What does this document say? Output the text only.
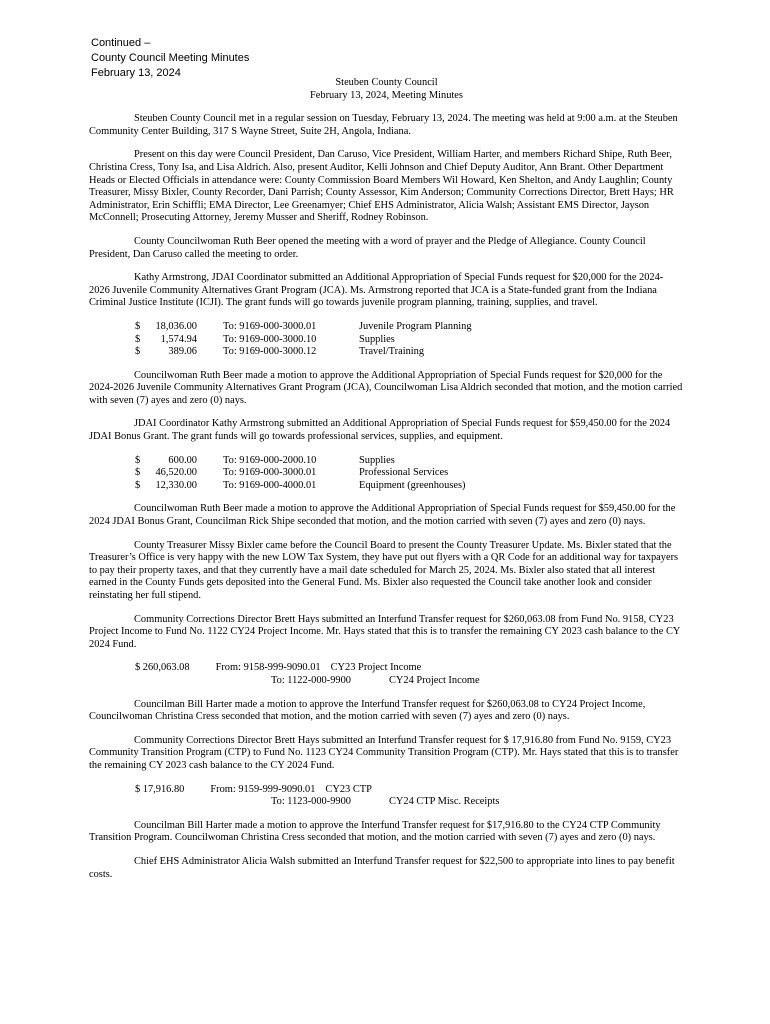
Continued –
County Council Meeting Minutes
February 13, 2024
Steuben County Council
February 13, 2024, Meeting Minutes
Steuben County Council met in a regular session on Tuesday, February 13, 2024. The meeting was held at 9:00 a.m. at the Steuben Community Center Building, 317 S Wayne Street, Suite 2H, Angola, Indiana.
Present on this day were Council President, Dan Caruso, Vice President, William Harter, and members Richard Shipe, Ruth Beer, Christina Cress, Tony Isa, and Lisa Aldrich. Also, present Auditor, Kelli Johnson and Chief Deputy Auditor, Ann Brant. Other Department Heads or Elected Officials in attendance were: County Commission Board Members Wil Howard, Ken Shelton, and Andy Laughlin; County Treasurer, Missy Bixler, County Recorder, Dani Parrish; County Assessor, Kim Anderson; Community Corrections Director, Brett Hays; HR Administrator, Erin Schiffli; EMA Director, Lee Greenamyer; Chief EHS Administrator, Alicia Walsh; Assistant EMS Director, Jayson McConnell; Prosecuting Attorney, Jeremy Musser and Sheriff, Rodney Robinson.
County Councilwoman Ruth Beer opened the meeting with a word of prayer and the Pledge of Allegiance. County Council President, Dan Caruso called the meeting to order.
Kathy Armstrong, JDAI Coordinator submitted an Additional Appropriation of Special Funds request for $20,000 for the 2024-2026 Juvenile Community Alternatives Grant Program (JCA). Ms. Armstrong reported that JCA is a State-funded grant from the Indiana Criminal Justice Institute (ICJI). The grant funds will go towards juvenile program planning, training, supplies, and travel.
$	18,036.00	To: 9169-000-3000.01	Juvenile Program Planning
$	1,574.94	To: 9169-000-3000.10	Supplies
$	389.06	To: 9169-000-3000.12	Travel/Training
Councilwoman Ruth Beer made a motion to approve the Additional Appropriation of Special Funds request for $20,000 for the 2024-2026 Juvenile Community Alternatives Grant Program (JCA), Councilwoman Lisa Aldrich seconded that motion, and the motion carried with seven (7) ayes and zero (0) nays.
JDAI Coordinator Kathy Armstrong submitted an Additional Appropriation of Special Funds request for $59,450.00 for the 2024 JDAI Bonus Grant. The grant funds will go towards professional services, supplies, and equipment.
$	600.00	To: 9169-000-2000.10	Supplies
$	46,520.00	To: 9169-000-3000.01	Professional Services
$	12,330.00	To: 9169-000-4000.01	Equipment (greenhouses)
Councilwoman Ruth Beer made a motion to approve the Additional Appropriation of Special Funds request for $59,450.00 for the 2024 JDAI Bonus Grant, Councilman Rick Shipe seconded that motion, and the motion carried with seven (7) ayes and zero (0) nays.
County Treasurer Missy Bixler came before the Council Board to present the County Treasurer Update. Ms. Bixler stated that the Treasurer’s Office is very happy with the new LOW Tax System, they have put out flyers with a QR Code for an additional way for taxpayers to pay their property taxes, and that they currently have a mail date scheduled for March 25, 2024. Ms. Bixler also stated that all interest earned in the County Funds gets deposited into the General Fund. Ms. Bixler also requested the Council take another look and consider reinstating her full stipend.
Community Corrections Director Brett Hays submitted an Interfund Transfer request for $260,063.08 from Fund No. 9158, CY23 Project Income to Fund No. 1122 CY24 Project Income. Mr. Hays stated that this is to transfer the remaining CY 2023 cash balance to the CY 2024 Fund.
$ 260,063.08	From: 9158-999-9090.01 CY23 Project Income
To: 1122-000-9900	CY24 Project Income
Councilman Bill Harter made a motion to approve the Interfund Transfer request for $260,063.08 to CY24 Project Income, Councilwoman Christina Cress seconded that motion, and the motion carried with seven (7) ayes and zero (0) nays.
Community Corrections Director Brett Hays submitted an Interfund Transfer request for $ 17,916.80 from Fund No. 9159, CY23 Community Transition Program (CTP) to Fund No. 1123 CY24 Community Transition Program (CTP). Mr. Hays stated that this is to transfer the remaining CY 2023 cash balance to the CY 2024 Fund.
$ 17,916.80	From: 9159-999-9090.01 CY23 CTP
To: 1123-000-9900	CY24 CTP Misc. Receipts
Councilman Bill Harter made a motion to approve the Interfund Transfer request for $17,916.80 to the CY24 CTP Community Transition Program. Councilwoman Christina Cress seconded that motion, and the motion carried with seven (7) ayes and zero (0) nays.
Chief EHS Administrator Alicia Walsh submitted an Interfund Transfer request for $22,500 to appropriate into lines to pay benefit costs.
